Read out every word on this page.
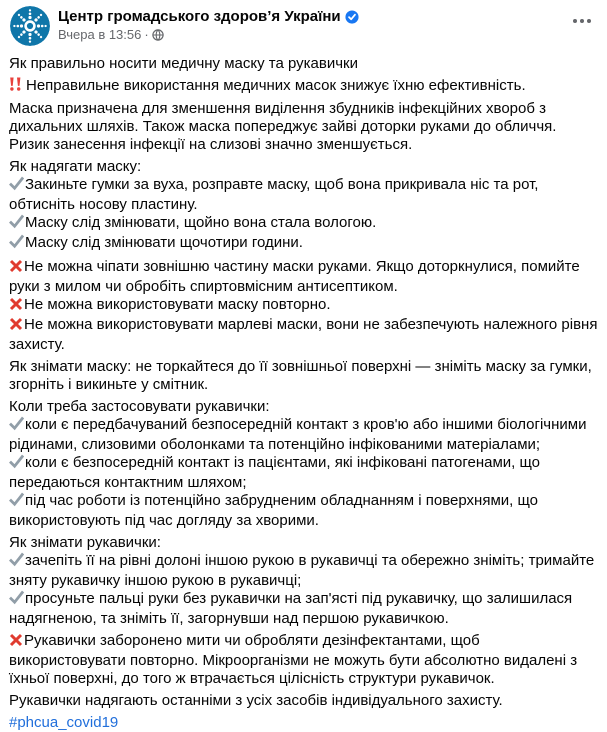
Центр громадського здоров’я України
Вчера в 13:56 ·
Як правильно носити медичну маску та рукавички
Неправильне використання медичних масок знижує їхню ефективність.
Маска призначена для зменшення виділення збудників інфекційних хвороб з дихальних шляхів. Також маска попереджує зайві доторки руками до обличчя. Ризик занесення інфекції на слизові значно зменшується.
Як надягати маску:
Закиньте гумки за вуха, розправте маску, щоб вона прикривала ніс та рот, обтисніть носову пластину.
Маску слід змінювати, щойно вона стала вологою.
Маску слід змінювати щочотири години.
Не можна чіпати зовнішню частину маски руками. Якщо доторкнулися, помийте руки з милом чи обробіть спиртовмісним антисептиком.
Не можна використовувати маску повторно.
Не можна використовувати марлеві маски, вони не забезпечують належного рівня захисту.
Як знімати маску: не торкайтеся до її зовнішньої поверхні — зніміть маску за гумки, згорніть і викиньте у смітник.
Коли треба застосовувати рукавички:
коли є передбачуваний безпосередній контакт з кров'ю або іншими біологічними рідинами, слизовими оболонками та потенційно інфікованими матеріалами;
коли є безпосередній контакт із пацієнтами, які інфіковані патогенами, що передаються контактним шляхом;
під час роботи із потенційно забрудненим обладнанням і поверхнями, що використовують під час догляду за хворими.
Як знімати рукавички:
зачепіть її на рівні долоні іншою рукою в рукавичці та обережно зніміть; тримайте зняту рукавичку іншою рукою в рукавичці;
просуньте пальці руки без рукавички на зап'ясті під рукавичку, що залишилася надягненою, та зніміть її, загорнувши над першою рукавичкою.
Рукавички заборонено мити чи обробляти дезінфектантами, щоб використовувати повторно. Мікроорганізми не можуть бути абсолютно видалені з їхньої поверхні, до того ж втрачається цілісність структури рукавичок.
Рукавички надягають останніми з усіх засобів індивідуального захисту.
#phcua_covid19
